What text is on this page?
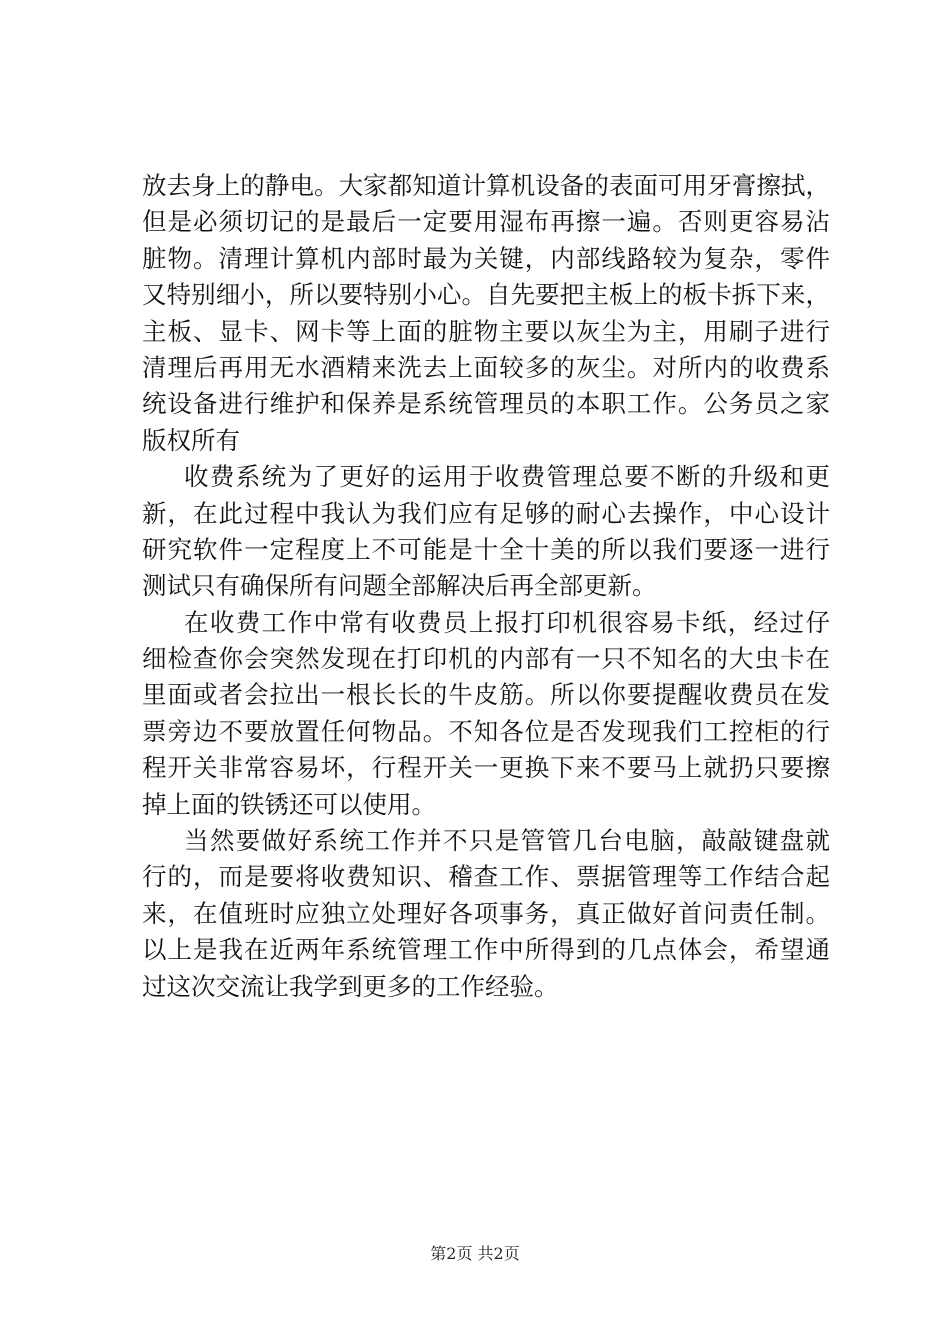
放去身上的静电。大家都知道计算机设备的表面可用牙膏擦拭，
但是必须切记的是最后一定要用湿布再擦一遍。否则更容易沾
脏物。清理计算机内部时最为关键，内部线路较为复杂，零件
又特别细小，所以要特别小心。自先要把主板上的板卡拆下来，
主板、显卡、网卡等上面的脏物主要以灰尘为主，用刷子进行
清理后再用无水酒精来洗去上面较多的灰尘。对所内的收费系
统设备进行维护和保养是系统管理员的本职工作。公务员之家
版权所有
收费系统为了更好的运用于收费管理总要不断的升级和更
新，在此过程中我认为我们应有足够的耐心去操作，中心设计
研究软件一定程度上不可能是十全十美的所以我们要逐一进行
测试只有确保所有问题全部解决后再全部更新。
在收费工作中常有收费员上报打印机很容易卡纸，经过仔
细检查你会突然发现在打印机的内部有一只不知名的大虫卡在
里面或者会拉出一根长长的牛皮筋。所以你要提醒收费员在发
票旁边不要放置任何物品。不知各位是否发现我们工控柜的行
程开关非常容易坏，行程开关一更换下来不要马上就扔只要擦
掉上面的铁锈还可以使用。
当然要做好系统工作并不只是管管几台电脑，敲敲键盘就
行的，而是要将收费知识、稽查工作、票据管理等工作结合起
来，在值班时应独立处理好各项事务，真正做好首问责任制。
以上是我在近两年系统管理工作中所得到的几点体会，希望通
过这次交流让我学到更多的工作经验。
第2页 共2页
